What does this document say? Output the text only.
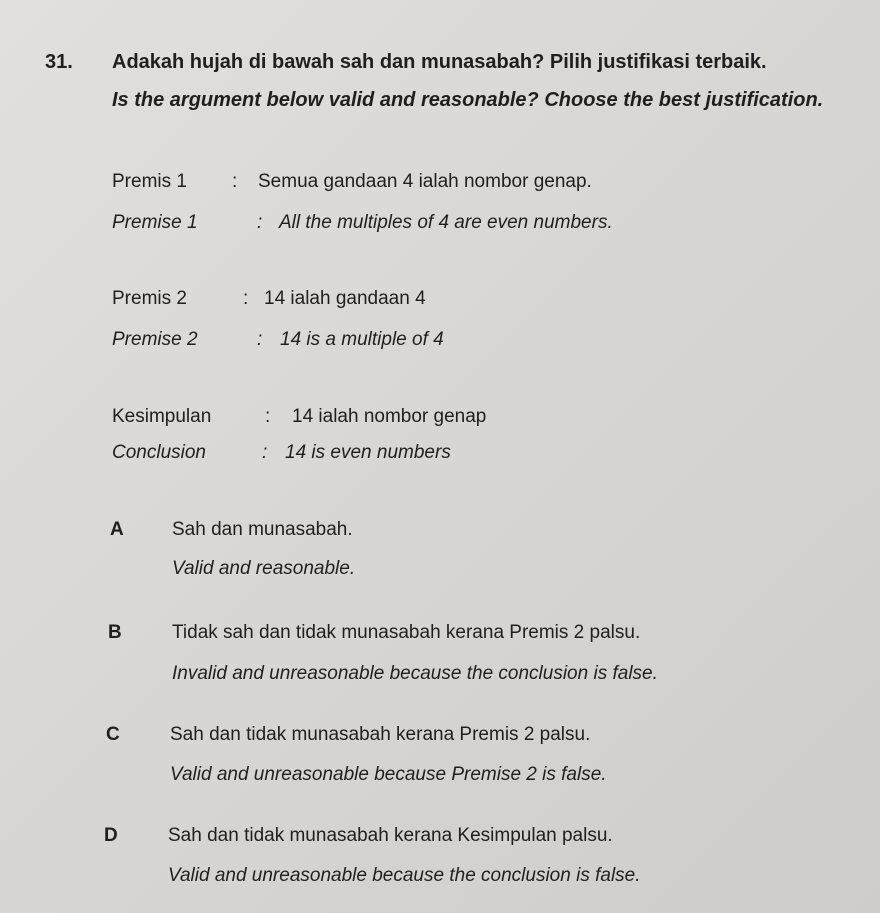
31. Adakah hujah di bawah sah dan munasabah? Pilih justifikasi terbaik.
Is the argument below valid and reasonable? Choose the best justification.
Premis 1 : Semua gandaan 4 ialah nombor genap.
Premise 1	: All the multiples of 4 are even numbers.
Premis 2	: 14 ialah gandaan 4
Premise 2	: 14 is a multiple of 4
Kesimpulan	: 14 ialah nombor genap
Conclusion	: 14 is even numbers
A	Sah dan munasabah.
Valid and reasonable.
B	Tidak sah dan tidak munasabah kerana Premis 2 palsu.
Invalid and unreasonable because the conclusion is false.
C	Sah dan tidak munasabah kerana Premis 2 palsu.
Valid and unreasonable because Premise 2 is false.
D	Sah dan tidak munasabah kerana Kesimpulan palsu.
Valid and unreasonable because the conclusion is false.
